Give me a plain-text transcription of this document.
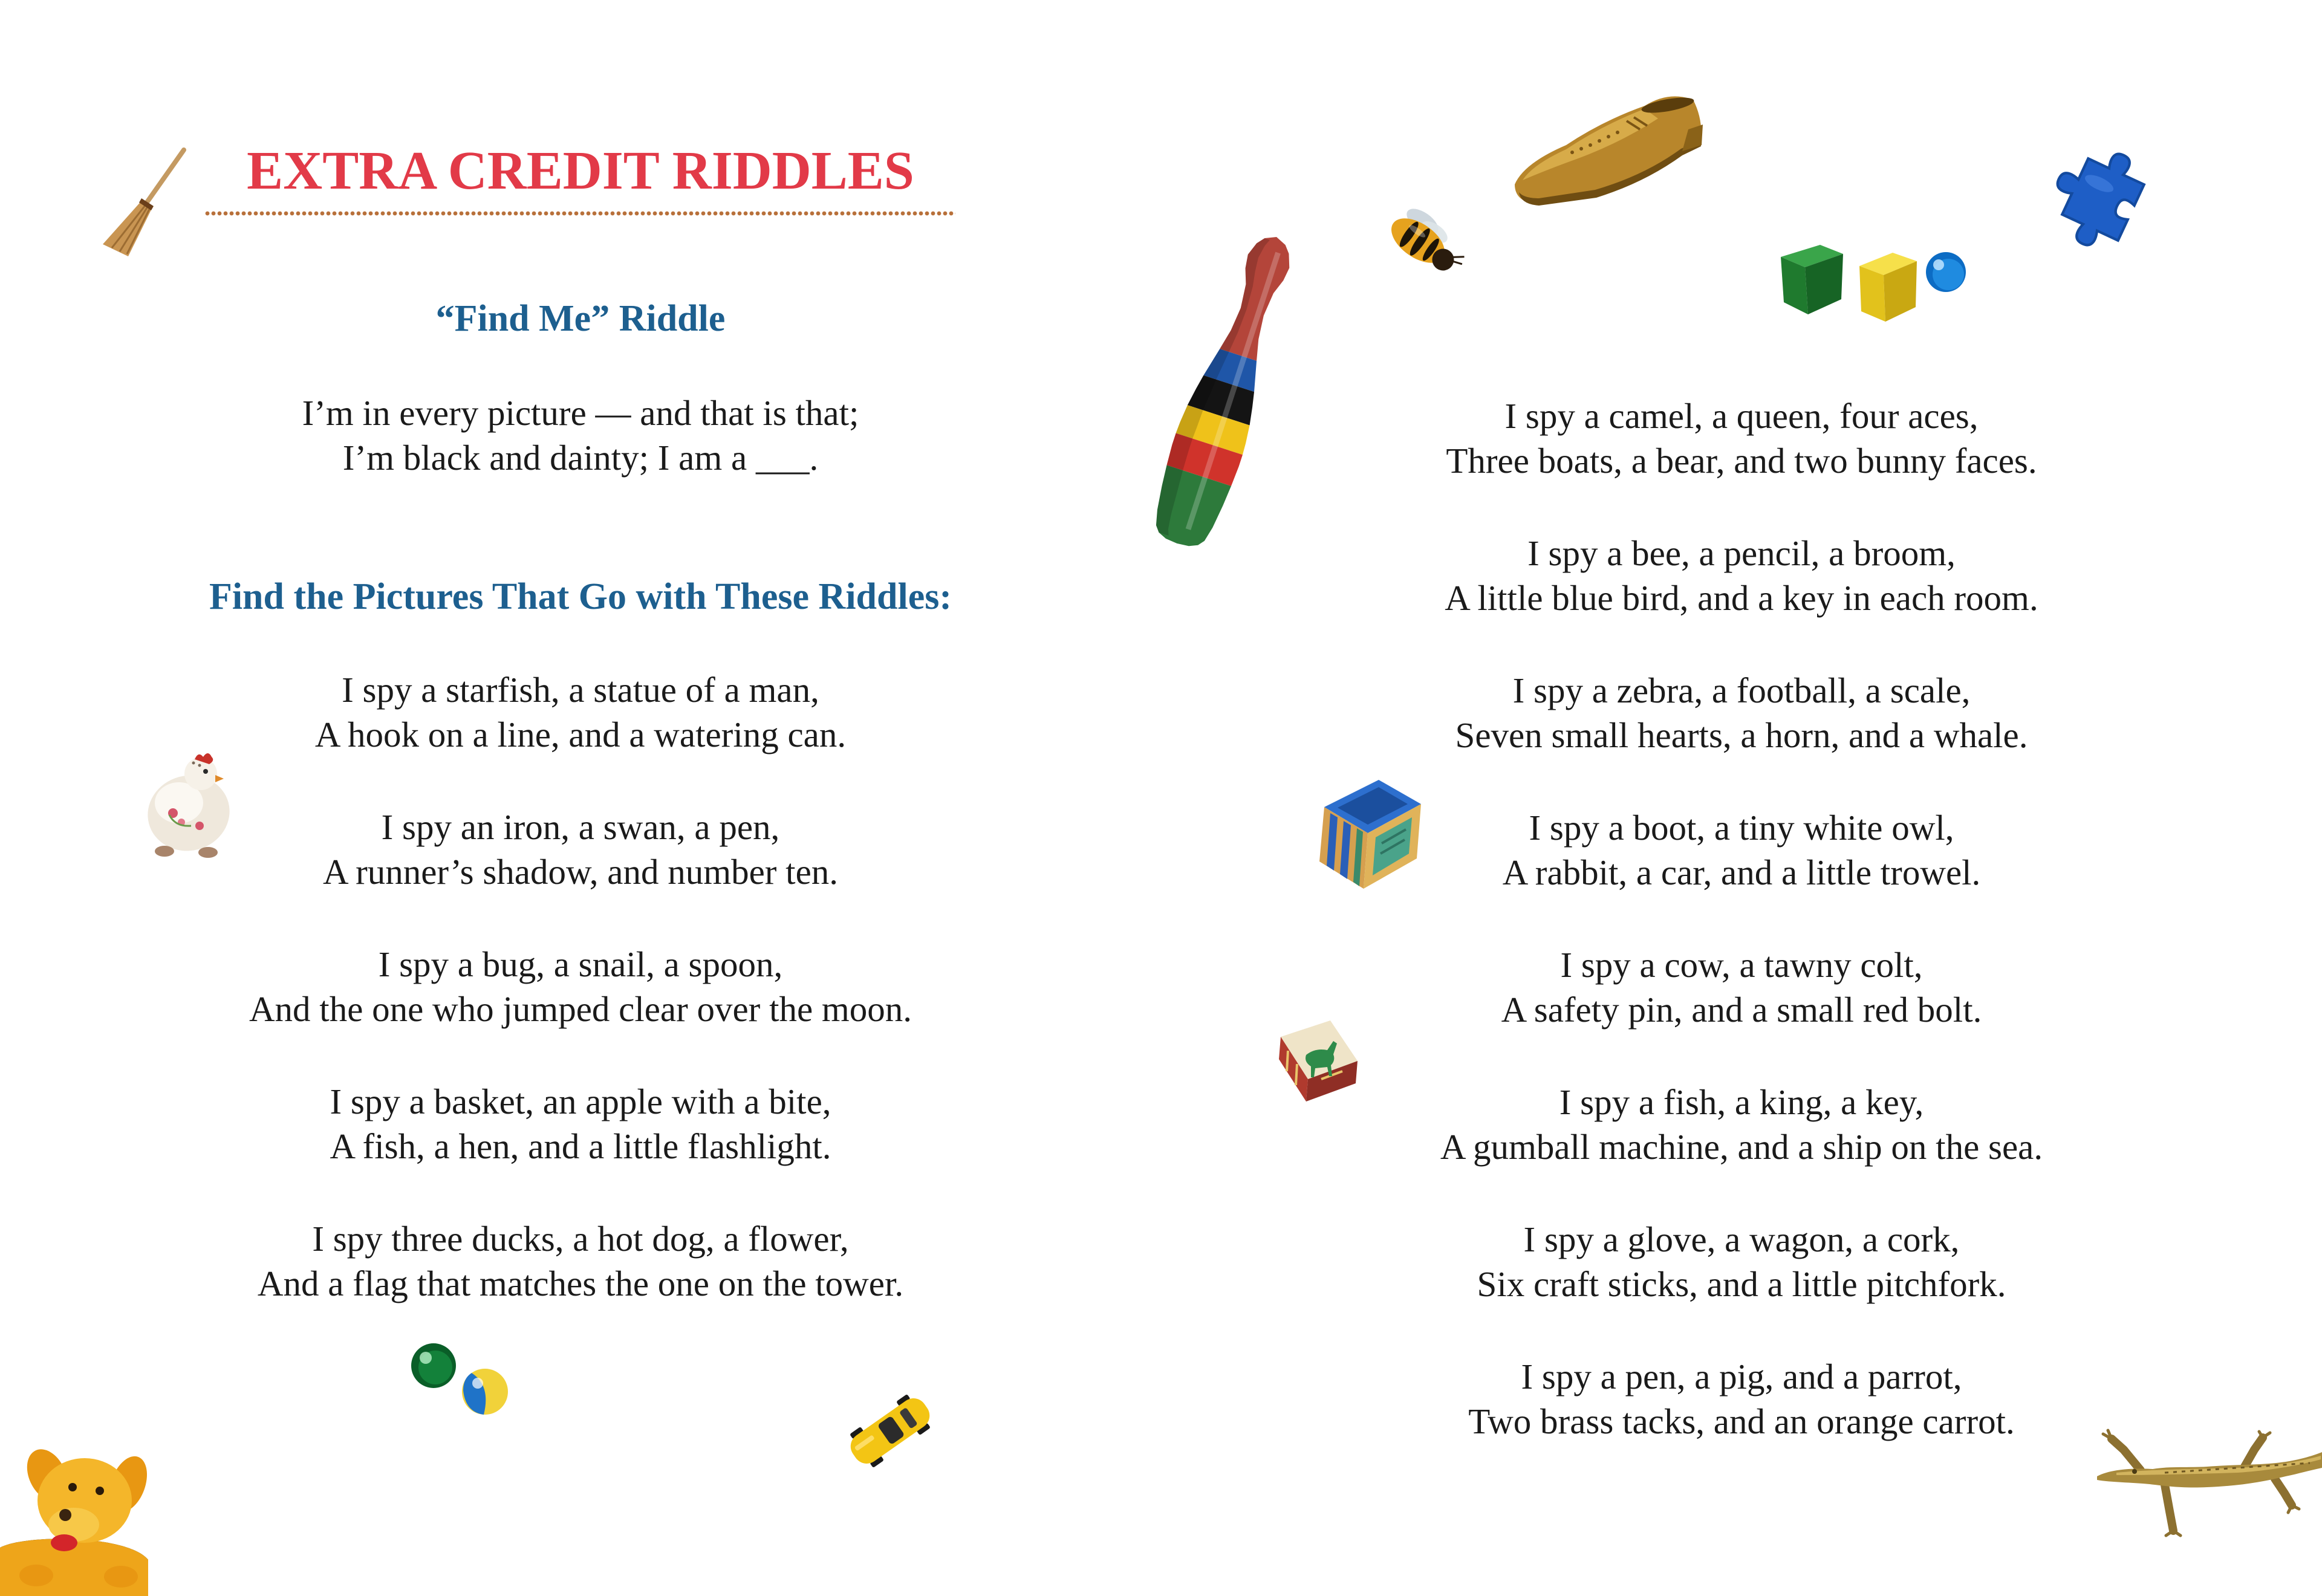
EXTRA CREDIT RIDDLES
“Find Me” Riddle
I’m in every picture — and that is that;
I’m black and dainty; I am a ___.
Find the Pictures That Go with These Riddles:
I spy a starfish, a statue of a man,
A hook on a line, and a watering can.
I spy an iron, a swan, a pen,
A runner’s shadow, and number ten.
I spy a bug, a snail, a spoon,
And the one who jumped clear over the moon.
I spy a basket, an apple with a bite,
A fish, a hen, and a little flashlight.
I spy three ducks, a hot dog, a flower,
And a flag that matches the one on the tower.
I spy a camel, a queen, four aces,
Three boats, a bear, and two bunny faces.
I spy a bee, a pencil, a broom,
A little blue bird, and a key in each room.
I spy a zebra, a football, a scale,
Seven small hearts, a horn, and a whale.
I spy a boot, a tiny white owl,
A rabbit, a car, and a little trowel.
I spy a cow, a tawny colt,
A safety pin, and a small red bolt.
I spy a fish, a king, a key,
A gumball machine, and a ship on the sea.
I spy a glove, a wagon, a cork,
Six craft sticks, and a little pitchfork.
I spy a pen, a pig, and a parrot,
Two brass tacks, and an orange carrot.
